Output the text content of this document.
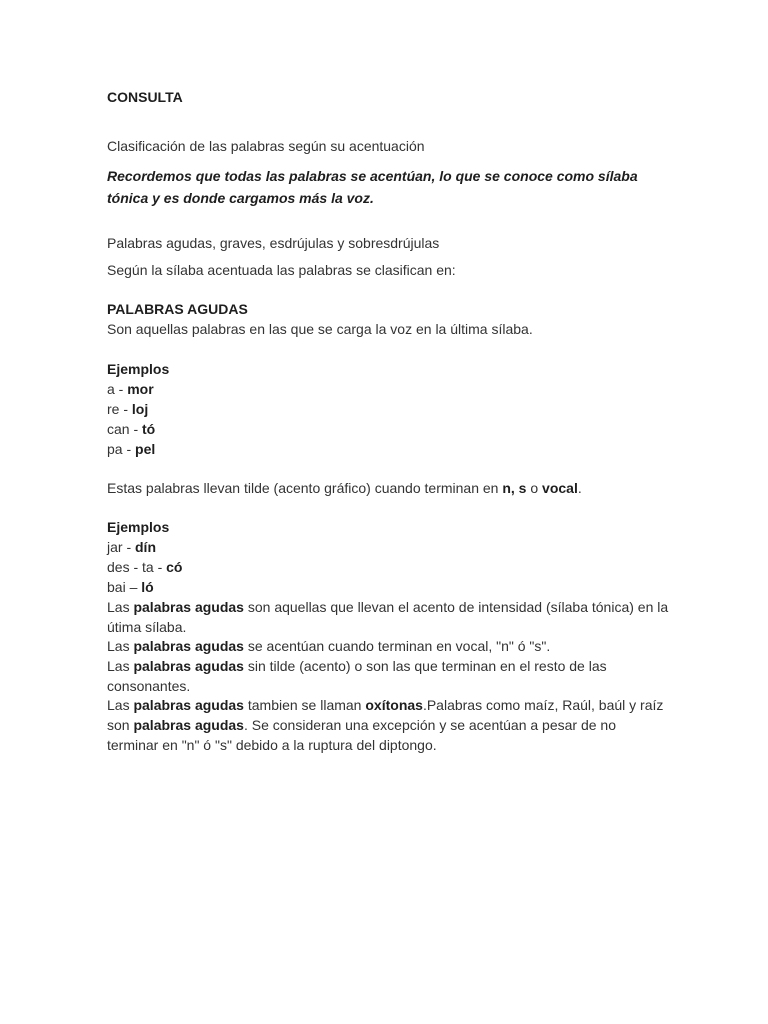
CONSULTA
Clasificación de las palabras según su acentuación
Recordemos que todas las palabras se acentúan, lo que se conoce como sílaba
tónica y es donde cargamos más la voz.
Palabras agudas, graves, esdrújulas y sobresdrújulas
Según la sílaba acentuada las palabras se clasifican en:
PALABRAS AGUDAS
Son aquellas palabras en las que se carga la voz en la última sílaba.
Ejemplos
a - mor
re - loj
can - tó
pa - pel
Estas palabras llevan tilde (acento gráfico) cuando terminan en n, s o vocal.
Ejemplos
jar - dín
des - ta - có
bai – ló
Las palabras agudas son aquellas que llevan el acento de intensidad (sílaba tónica) en la
útima sílaba.
Las palabras agudas se acentúan cuando terminan en vocal, "n" ó "s".
Las palabras agudas sin tilde (acento) o son las que terminan en el resto de las
consonantes.
Las palabras agudas tambien se llaman oxítonas.Palabras como maíz, Raúl, baúl y raíz
son palabras agudas. Se consideran una excepción y se acentúan a pesar de no
terminar en "n" ó "s" debido a la ruptura del diptongo.
